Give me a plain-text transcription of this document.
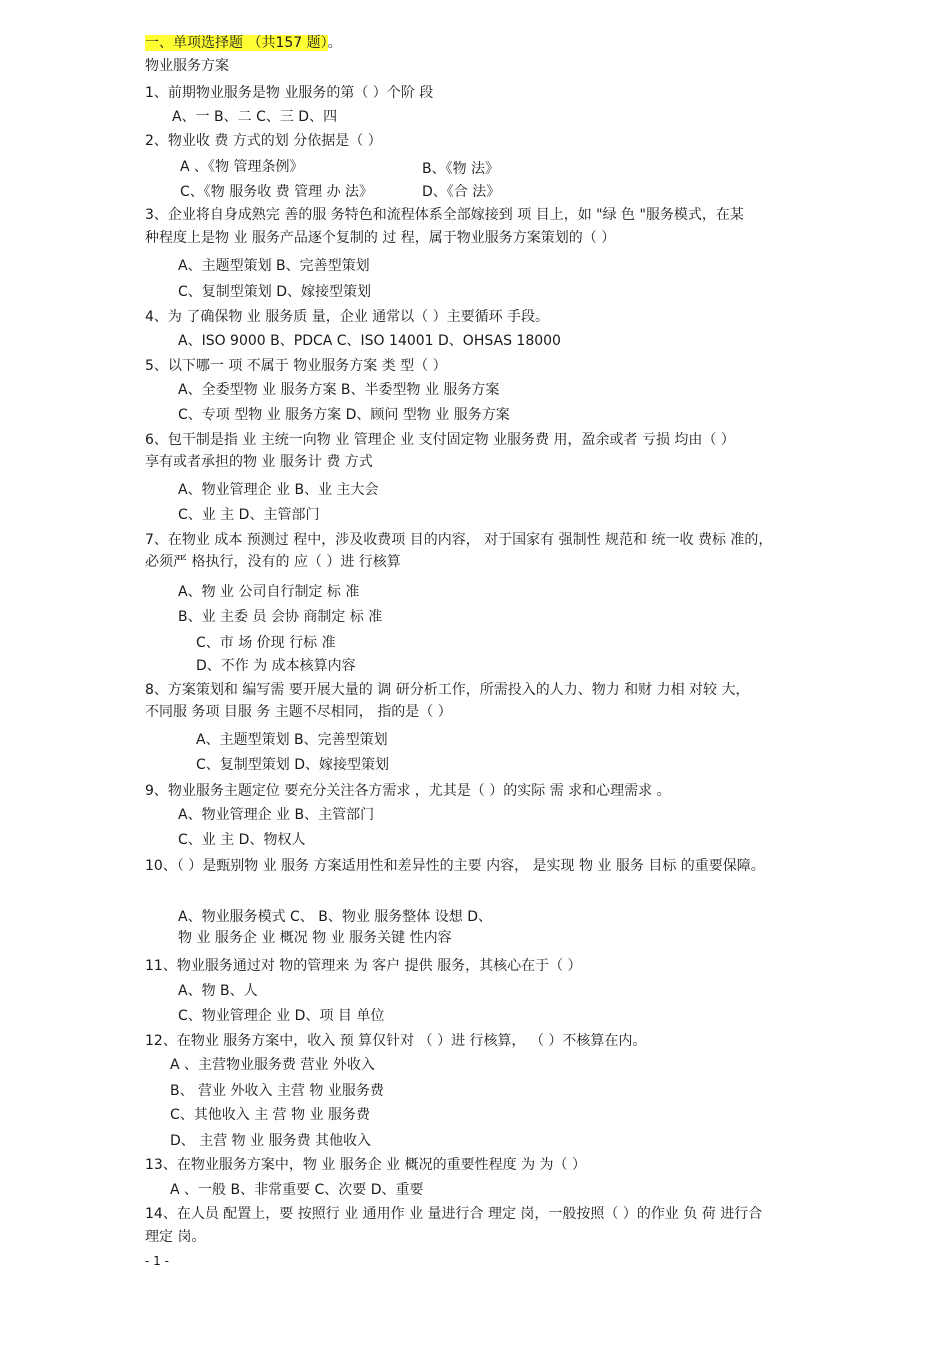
一、单项选择题 （共157 题）。
物业服务方案
1、前期物业服务是物 业服务的第（ ）个阶 段
A、一 B、二 C、三 D、四
2、物业收 费 方式的划 分依据是（ ）
A 、《物 管理条例》	B、《物 法》
C、《物 服务收 费 管理 办 法》	D、《合 法》
3、企业将自身成熟完 善的服 务特色和流程体系全部嫁接到 项 目上，如 "绿 色 "服务模式，在某
种程度上是物 业 服务产品逐个复制的 过 程，属于物业服务方案策划的（ ）
A、主题型策划 B、完善型策划
C、复制型策划 D、嫁接型策划
4、为 了确保物 业 服务质 量，企业 通常以（ ）主要循环 手段。
A、ISO 9000 B、PDCA C、ISO 14001 D、OHSAS 18000
5、以下哪一 项 不属于 物业服务方案 类 型（ ）
A、全委型物 业 服务方案 B、半委型物 业 服务方案
C、专项 型物 业 服务方案 D、顾问 型物 业 服务方案
6、包干制是指 业 主统一向物 业 管理企 业 支付固定物 业服务费 用，盈余或者 亏损 均由（ ）
享有或者承担的物 业 服务计 费 方式
A、物业管理企 业 B、业 主大会
C、业 主 D、主管部门
7、在物业 成本 预测过 程中，涉及收费项 目的内容， 对于国家有 强制性 规范和 统一收 费标 准的，
必须严 格执行，没有的 应（ ）进 行核算
A、物 业 公司自行制定 标 准
B、业 主委 员 会协 商制定 标 准
C、市 场 价现 行标 准
D、不作 为 成本核算内容
8、方案策划和 编写需 要开展大量的 调 研分析工作，所需投入的人力、物力 和财 力相 对较 大，
不同服 务项 目服 务 主题不尽相同， 指的是（ ）
A、主题型策划 B、完善型策划
C、复制型策划 D、嫁接型策划
9、物业服务主题定位 要充分关注各方需求 ，尤其是（ ）的实际 需 求和心理需求 。
A、物业管理企 业 B、主管部门
C、业 主 D、物权人
10、（ ）是甄别物 业 服务 方案适用性和差异性的主要 内容， 是实现 物 业 服务 目标 的重要保障。
A、物业服务模式 C、 B、物业 服务整体 设想 D、
物 业 服务企 业 概况 物 业 服务关键 性内容
11、物业服务通过对 物的管理来 为 客户 提供 服务，其核心在于（ ）
A、物 B、人
C、物业管理企 业 D、项 目 单位
12、在物业 服务方案中，收入 预 算仅针对 （ ）进 行核算， （ ）不核算在内。
A 、主营物业服务费 营业 外收入
B、 营业 外收入 主营 物 业服务费
C、其他收入 主 营 物 业 服务费
D、 主营 物 业 服务费 其他收入
13、在物业服务方案中，物 业 服务企 业 概况的重要性程度 为 为（ ）
A 、一般 B、非常重要 C、次要 D、重要
14、在人员 配置上，要 按照行 业 通用作 业 量进行合 理定 岗，一般按照（ ）的作业 负 荷 进行合
理定 岗。
- 1 -
